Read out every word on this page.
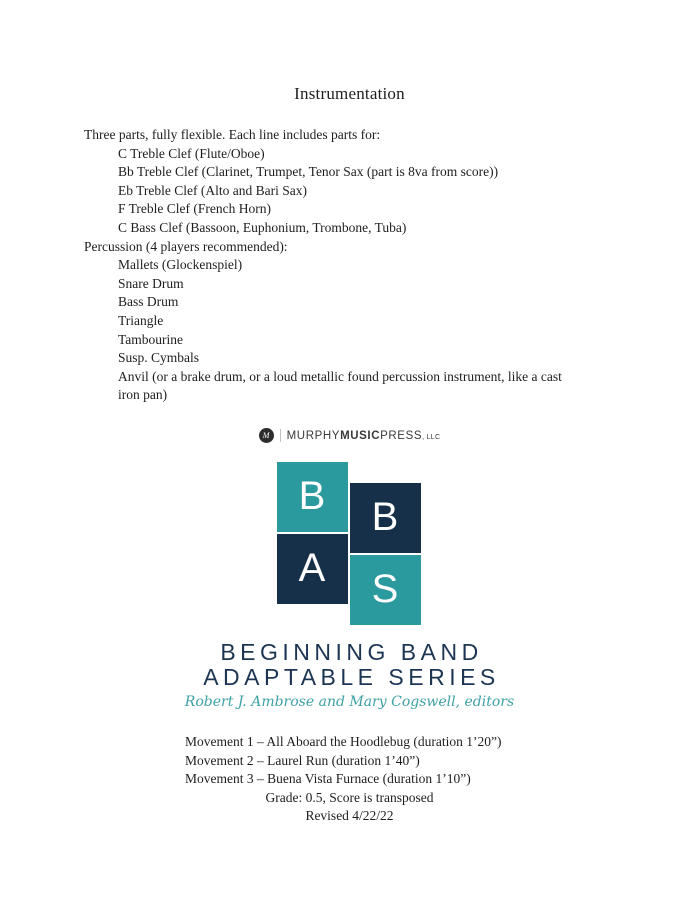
Instrumentation
Three parts, fully flexible. Each line includes parts for:
C Treble Clef (Flute/Oboe)
Bb Treble Clef (Clarinet, Trumpet, Tenor Sax (part is 8va from score))
Eb Treble Clef (Alto and Bari Sax)
F Treble Clef (French Horn)
C Bass Clef (Bassoon, Euphonium, Trombone, Tuba)
Percussion (4 players recommended):
Mallets (Glockenspiel)
Snare Drum
Bass Drum
Triangle
Tambourine
Susp. Cymbals
Anvil (or a brake drum, or a loud metallic found percussion instrument, like a cast
iron pan)
M MURPHY MUSIC PRESS , LLC
B B
A S
BEGINNING BAND
ADAPTABLE SERIES
Robert J. Ambrose and Mary Cogswell, editors
Movement 1 – All Aboard the Hoodlebug (duration 1’20”)
Movement 2 – Laurel Run (duration 1’40”)
Movement 3 – Buena Vista Furnace (duration 1’10”)
Grade: 0.5, Score is transposed
Revised 4/22/22
